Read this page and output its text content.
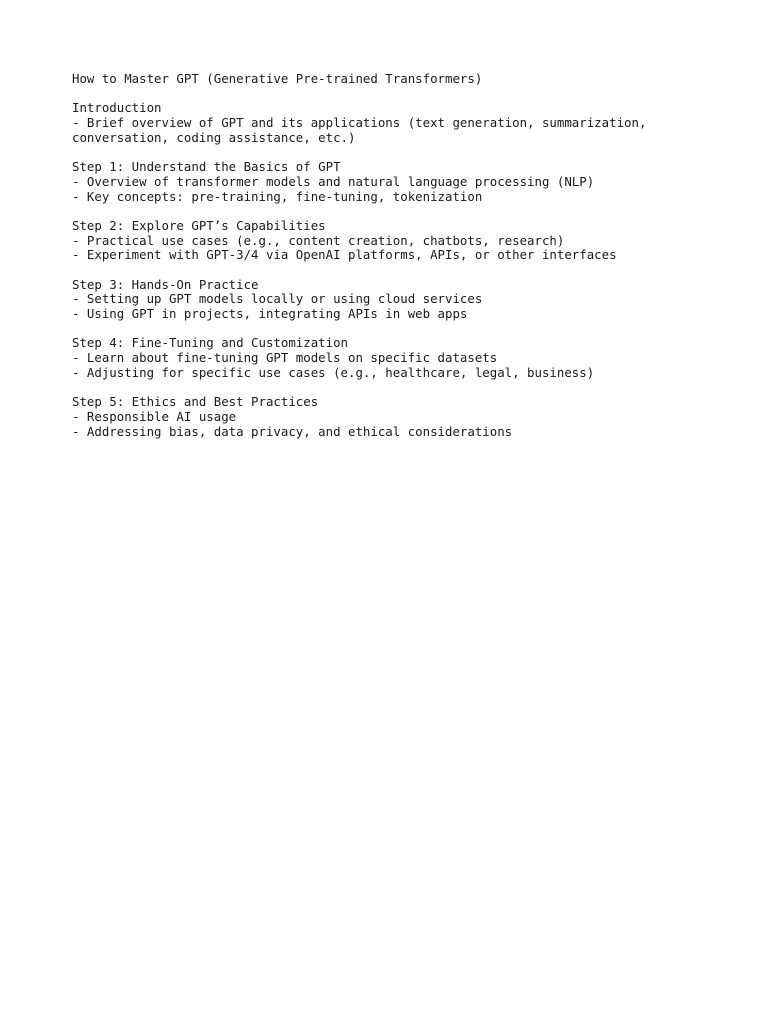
How to Master GPT (Generative Pre-trained Transformers)
Introduction
- Brief overview of GPT and its applications (text generation, summarization,
conversation, coding assistance, etc.)
Step 1: Understand the Basics of GPT
- Overview of transformer models and natural language processing (NLP)
- Key concepts: pre-training, fine-tuning, tokenization
Step 2: Explore GPT’s Capabilities
- Practical use cases (e.g., content creation, chatbots, research)
- Experiment with GPT-3/4 via OpenAI platforms, APIs, or other interfaces
Step 3: Hands-On Practice
- Setting up GPT models locally or using cloud services
- Using GPT in projects, integrating APIs in web apps
Step 4: Fine-Tuning and Customization
- Learn about fine-tuning GPT models on specific datasets
- Adjusting for specific use cases (e.g., healthcare, legal, business)
Step 5: Ethics and Best Practices
- Responsible AI usage
- Addressing bias, data privacy, and ethical considerations
